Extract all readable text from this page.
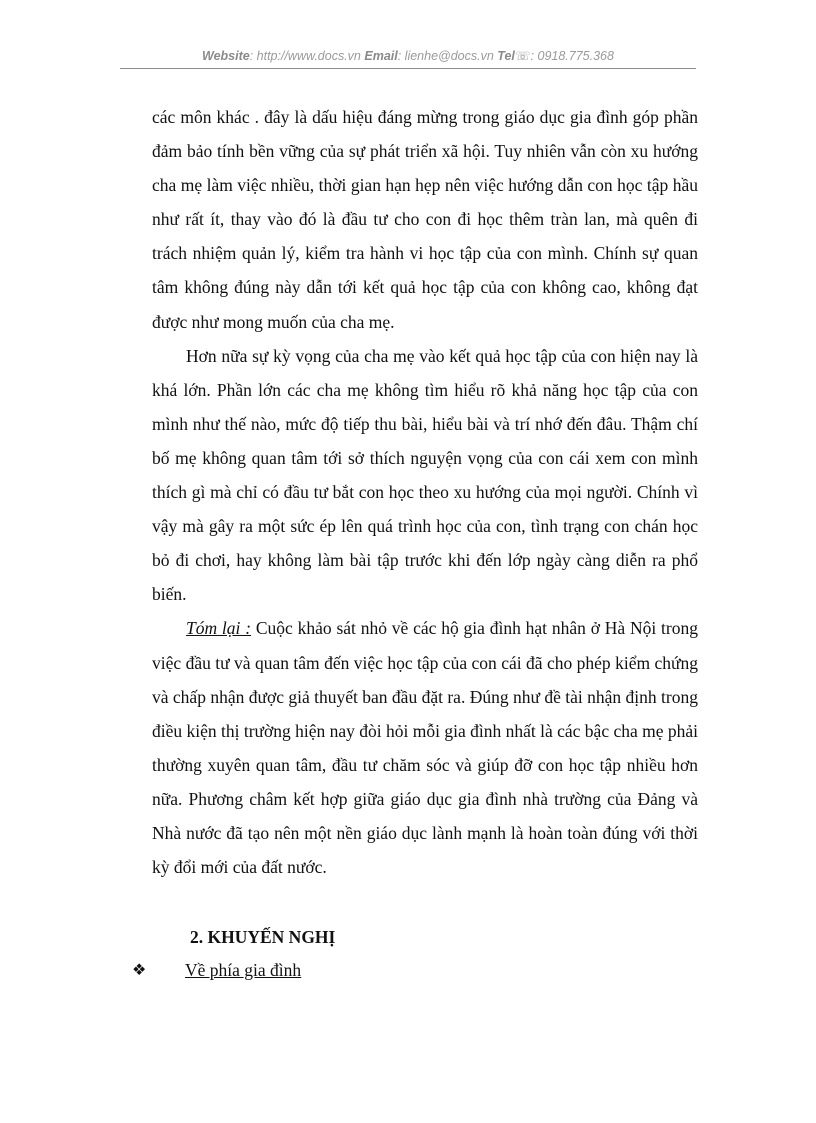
Website: http://www.docs.vn Email: lienhe@docs.vn Tel☏: 0918.775.368

các môn khác . đây là dấu hiệu đáng mừng trong giáo dục gia đình góp phần đảm bảo tính bền vững của sự phát triển xã hội. Tuy nhiên vẫn còn xu hướng cha mẹ làm việc nhiều, thời gian hạn hẹp nên việc hướng dẫn con học tập hầu như rất ít, thay vào đó là đầu tư cho con đi học thêm tràn lan, mà quên đi trách nhiệm quản lý, kiểm tra hành vi học tập của con mình. Chính sự quan tâm không đúng này dẫn tới kết quả học tập của con không cao, không đạt được như mong muốn của cha mẹ.

Hơn nữa sự kỳ vọng của cha mẹ vào kết quả học tập của con hiện nay là khá lớn. Phần lớn các cha mẹ không tìm hiểu rõ khả năng học tập của con mình như thế nào, mức độ tiếp thu bài, hiểu bài và trí nhớ đến đâu. Thậm chí bố mẹ không quan tâm tới sở thích nguyện vọng của con cái xem con mình thích gì mà chỉ có đầu tư bắt con học theo xu hướng của mọi người. Chính vì vậy mà gây ra một sức ép lên quá trình học của con, tình trạng con chán học bỏ đi chơi, hay không làm bài tập trước khi đến lớp ngày càng diễn ra phổ biến.

Tóm lại : Cuộc khảo sát nhỏ về các hộ gia đình hạt nhân ở Hà Nội trong việc đầu tư và quan tâm đến việc học tập của con cái đã cho phép kiểm chứng và chấp nhận được giả thuyết ban đầu đặt ra. Đúng như đề tài nhận định trong điều kiện thị trường hiện nay đòi hỏi mỗi gia đình nhất là các bậc cha mẹ phải thường xuyên quan tâm, đầu tư chăm sóc và giúp đỡ con học tập nhiều hơn nữa. Phương châm kết hợp giữa giáo dục gia đình nhà trường của Đảng và Nhà nước đã tạo nên một nền giáo dục lành mạnh là hoàn toàn đúng với thời kỳ đổi mới của đất nước.

2. KHUYẾN NGHỊ
❖ Về phía gia đình
